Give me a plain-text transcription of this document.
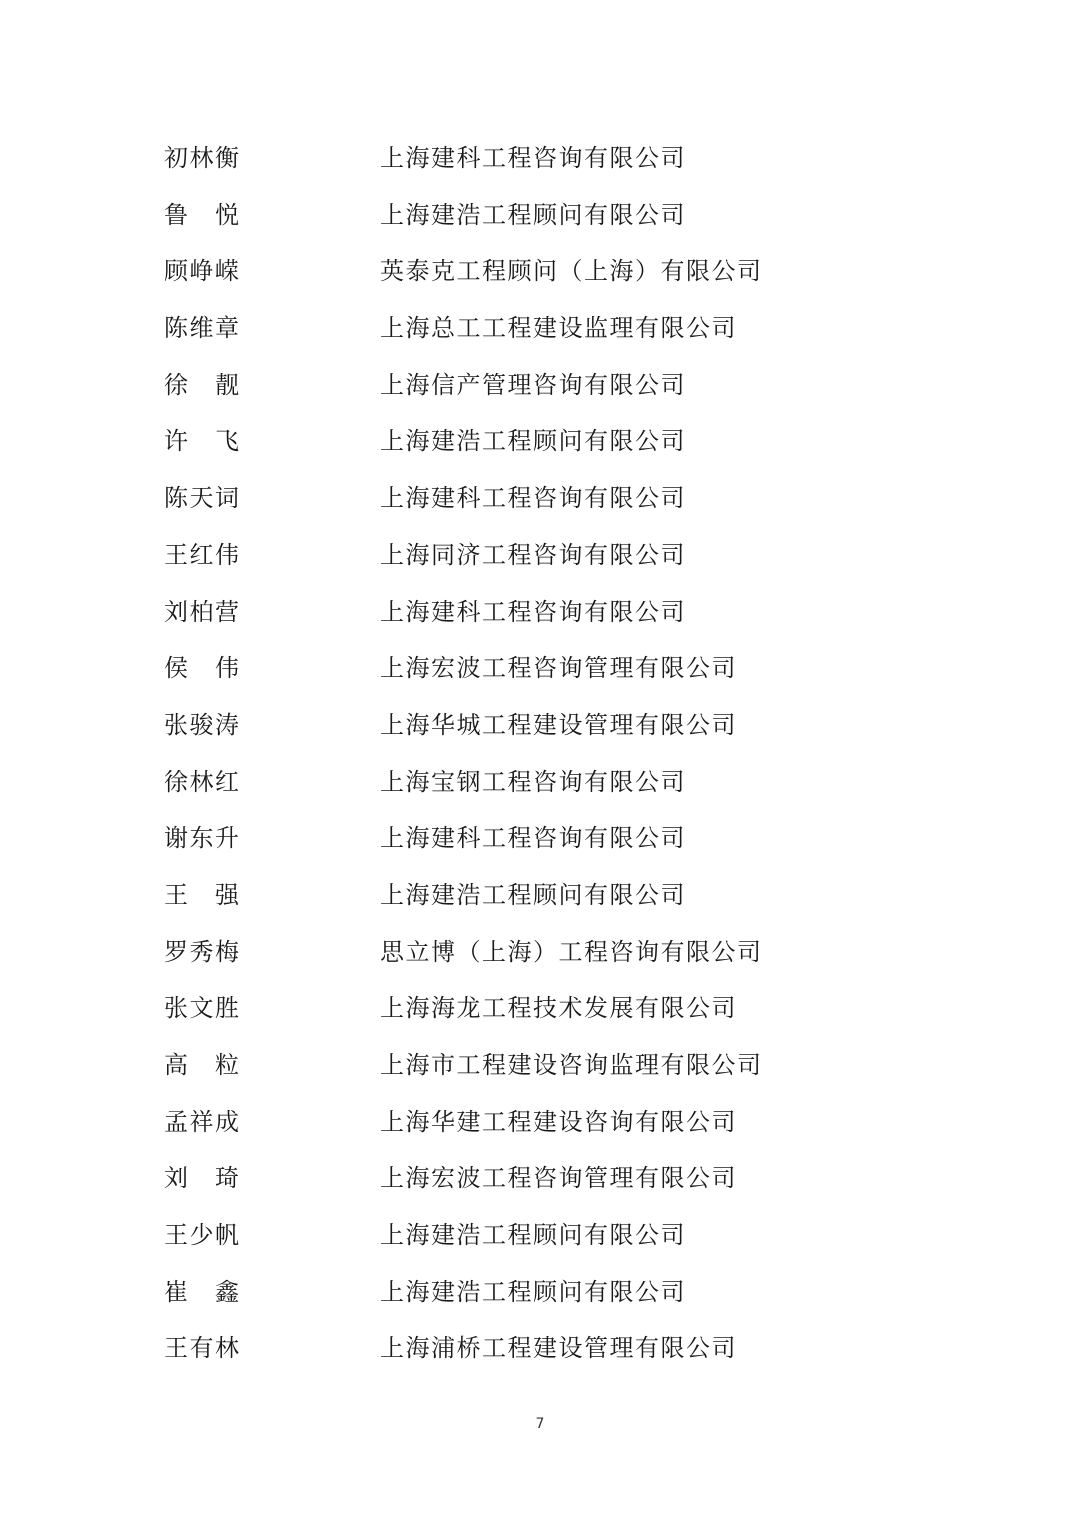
初林衡	上海建科工程咨询有限公司
鲁 悦	上海建浩工程顾问有限公司
顾峥嵘	英泰克工程顾问（上海）有限公司
陈维章	上海总工工程建设监理有限公司
徐 靓	上海信产管理咨询有限公司
许 飞	上海建浩工程顾问有限公司
陈天词	上海建科工程咨询有限公司
王红伟	上海同济工程咨询有限公司
刘柏营	上海建科工程咨询有限公司
侯 伟	上海宏波工程咨询管理有限公司
张骏涛	上海华城工程建设管理有限公司
徐林红	上海宝钢工程咨询有限公司
谢东升	上海建科工程咨询有限公司
王 强	上海建浩工程顾问有限公司
罗秀梅	思立博（上海）工程咨询有限公司
张文胜	上海海龙工程技术发展有限公司
高 粒	上海市工程建设咨询监理有限公司
孟祥成	上海华建工程建设咨询有限公司
刘 琦	上海宏波工程咨询管理有限公司
王少帆	上海建浩工程顾问有限公司
崔 鑫	上海建浩工程顾问有限公司
王有林	上海浦桥工程建设管理有限公司
7
